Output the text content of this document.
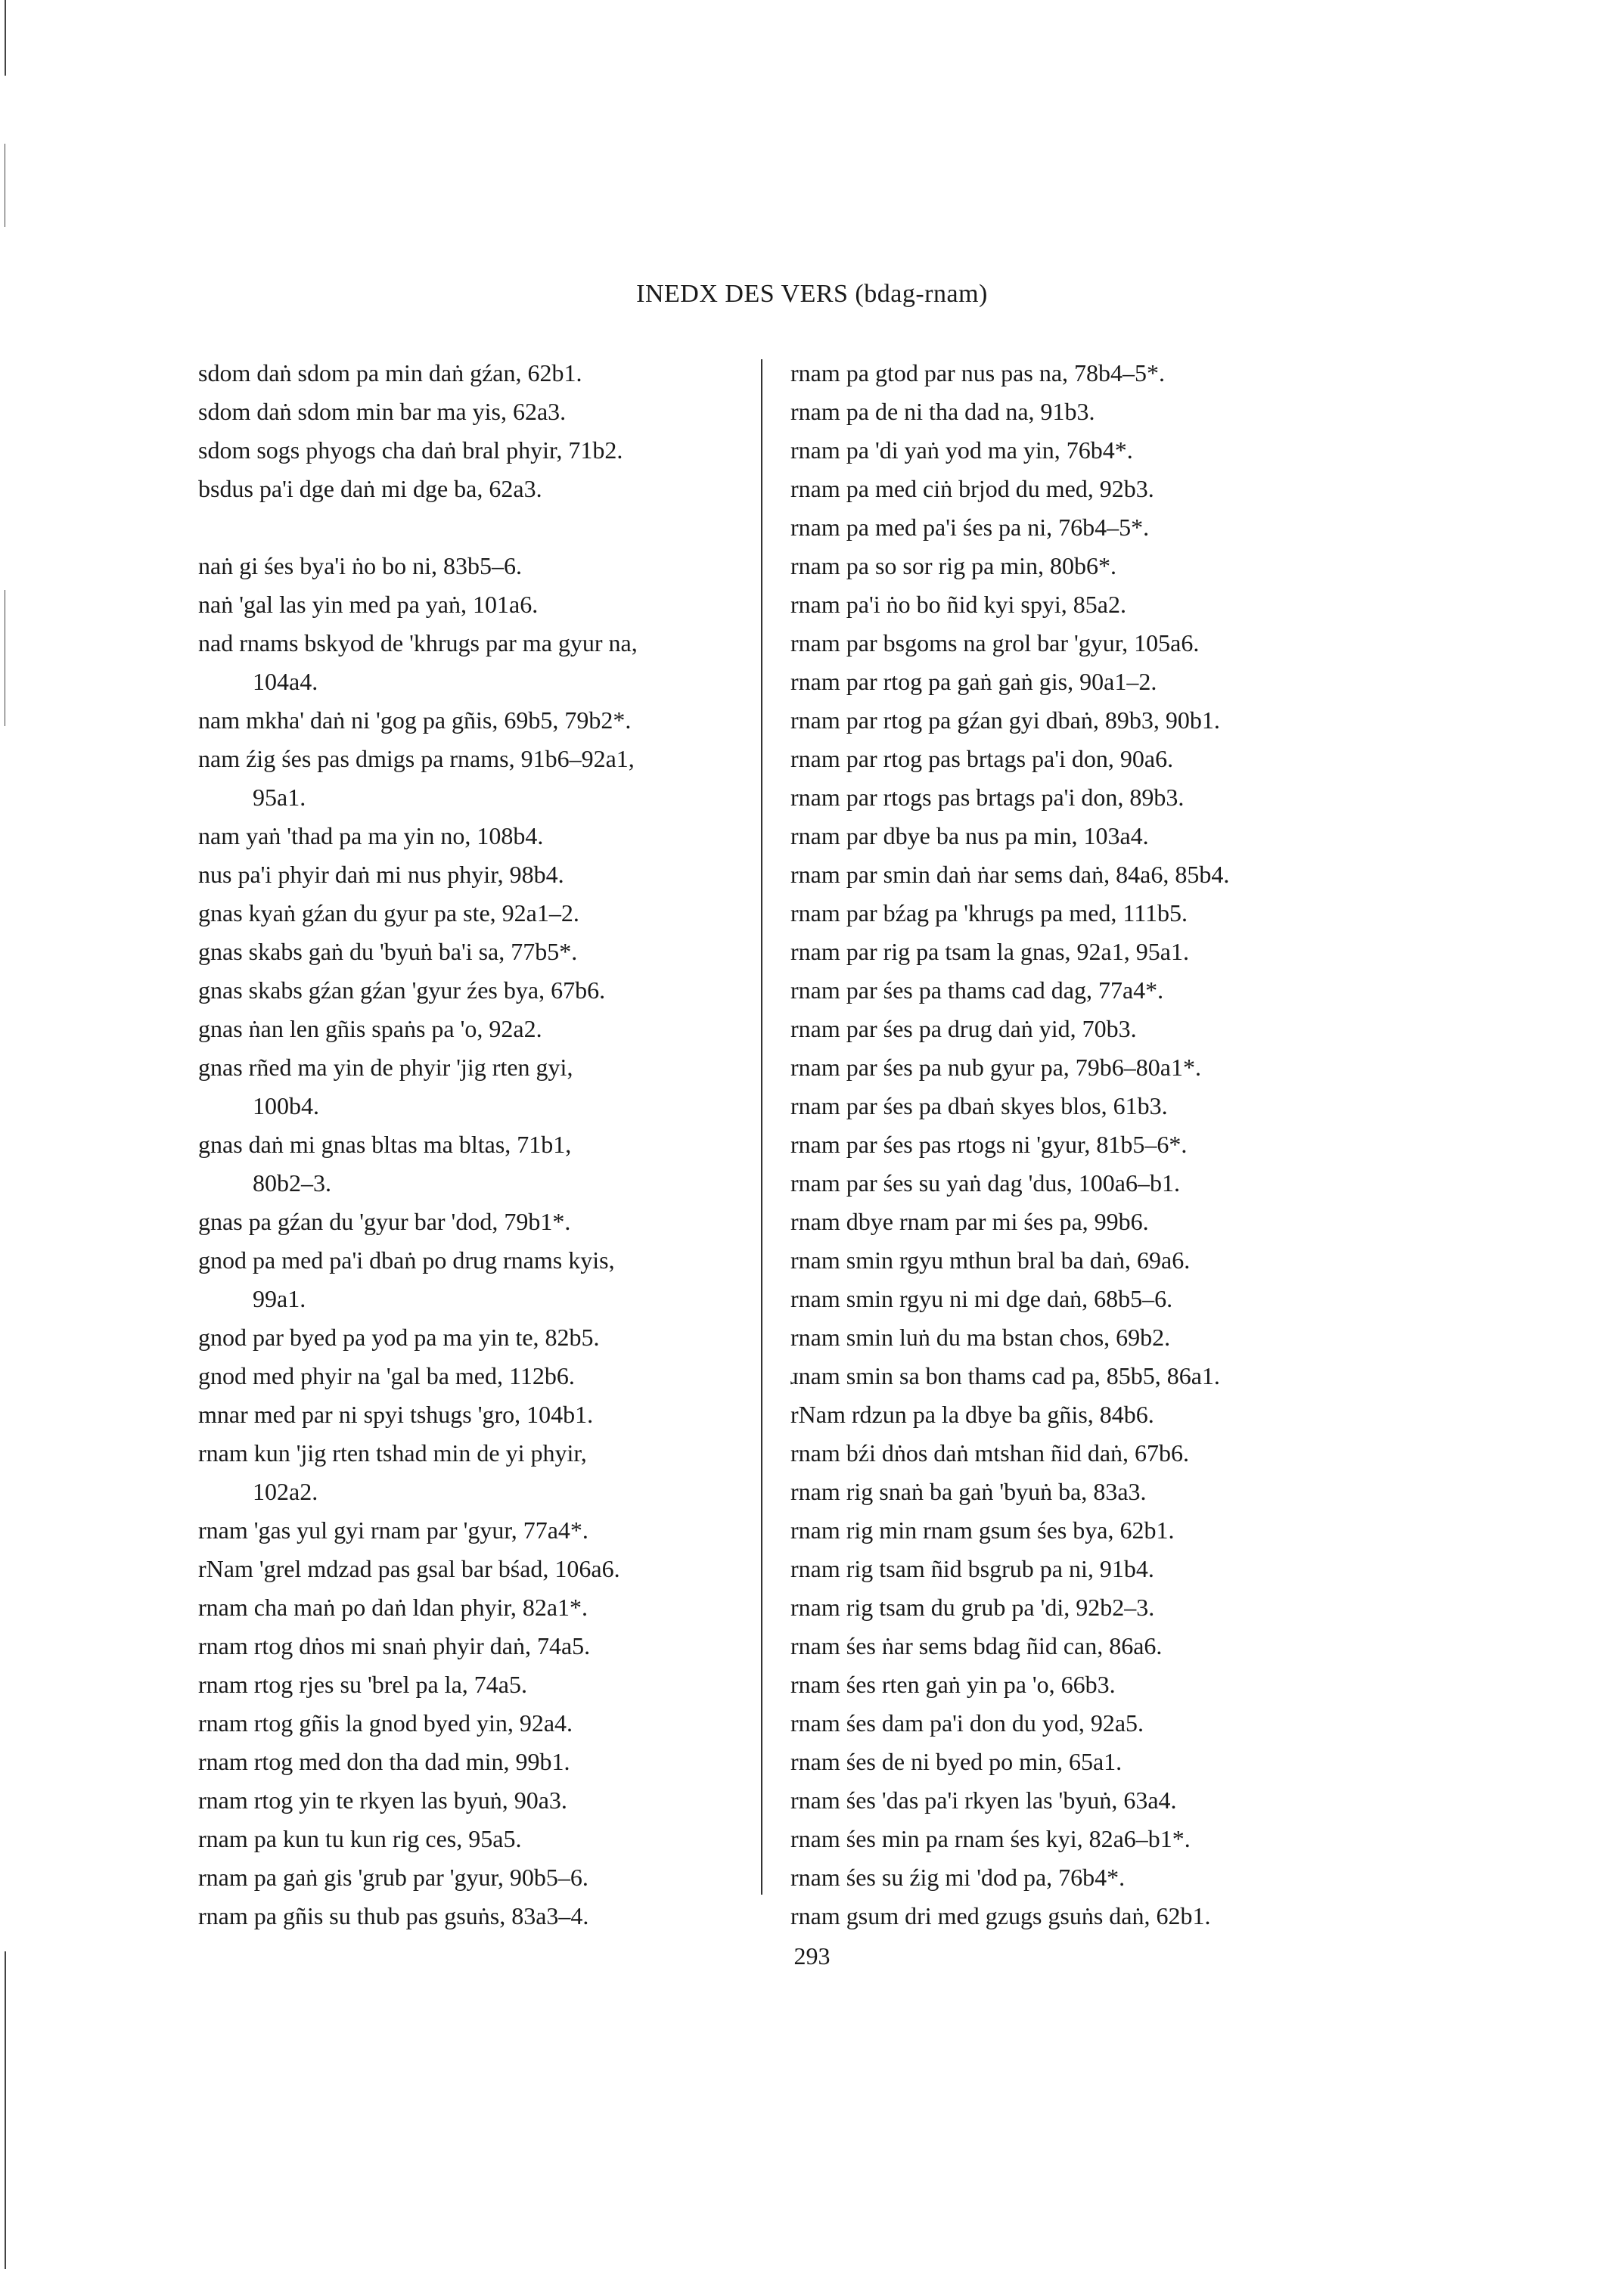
INEDX DES VERS (bdag-rnam)
sdom daṅ sdom pa min daṅ gźan, 62b1.
sdom daṅ sdom min bar ma yis, 62a3.
sdom sogs phyogs cha daṅ bral phyir, 71b2.
bsdus pa'i dge daṅ mi dge ba, 62a3.
naṅ gi śes bya'i ṅo bo ni, 83b5–6.
naṅ 'gal las yin med pa yaṅ, 101a6.
nad rnams bskyod de 'khrugs par ma gyur na,
104a4.
nam mkha' daṅ ni 'gog pa gñis, 69b5, 79b2*.
nam źig śes pas dmigs pa rnams, 91b6–92a1,
95a1.
nam yaṅ 'thad pa ma yin no, 108b4.
nus pa'i phyir daṅ mi nus phyir, 98b4.
gnas kyaṅ gźan du gyur pa ste, 92a1–2.
gnas skabs gaṅ du 'byuṅ ba'i sa, 77b5*.
gnas skabs gźan gźan 'gyur źes bya, 67b6.
gnas ṅan len gñis spaṅs pa 'o, 92a2.
gnas rñed ma yin de phyir 'jig rten gyi,
100b4.
gnas daṅ mi gnas bltas ma bltas, 71b1,
80b2–3.
gnas pa gźan du 'gyur bar 'dod, 79b1*.
gnod pa med pa'i dbaṅ po drug rnams kyis,
99a1.
gnod par byed pa yod pa ma yin te, 82b5.
gnod med phyir na 'gal ba med, 112b6.
mnar med par ni spyi tshugs 'gro, 104b1.
rnam kun 'jig rten tshad min de yi phyir,
102a2.
rnam 'gas yul gyi rnam par 'gyur, 77a4*.
rNam 'grel mdzad pas gsal bar bśad, 106a6.
rnam cha maṅ po daṅ ldan phyir, 82a1*.
rnam rtog dṅos mi snaṅ phyir daṅ, 74a5.
rnam rtog rjes su 'brel pa la, 74a5.
rnam rtog gñis la gnod byed yin, 92a4.
rnam rtog med don tha dad min, 99b1.
rnam rtog yin te rkyen las byuṅ, 90a3.
rnam pa kun tu kun rig ces, 95a5.
rnam pa gaṅ gis 'grub par 'gyur, 90b5–6.
rnam pa gñis su thub pas gsuṅs, 83a3–4.
rnam pa gtod par nus pas na, 78b4–5*.
rnam pa de ni tha dad na, 91b3.
rnam pa 'di yaṅ yod ma yin, 76b4*.
rnam pa med ciṅ brjod du med, 92b3.
rnam pa med pa'i śes pa ni, 76b4–5*.
rnam pa so sor rig pa min, 80b6*.
rnam pa'i ṅo bo ñid kyi spyi, 85a2.
rnam par bsgoms na grol bar 'gyur, 105a6.
rnam par rtog pa gaṅ gaṅ gis, 90a1–2.
rnam par rtog pa gźan gyi dbaṅ, 89b3, 90b1.
rnam par rtog pas brtags pa'i don, 90a6.
rnam par rtogs pas brtags pa'i don, 89b3.
rnam par dbye ba nus pa min, 103a4.
rnam par smin daṅ ṅar sems daṅ, 84a6, 85b4.
rnam par bźag pa 'khrugs pa med, 111b5.
rnam par rig pa tsam la gnas, 92a1, 95a1.
rnam par śes pa thams cad dag, 77a4*.
rnam par śes pa drug daṅ yid, 70b3.
rnam par śes pa nub gyur pa, 79b6–80a1*.
rnam par śes pa dbaṅ skyes blos, 61b3.
rnam par śes pas rtogs ni 'gyur, 81b5–6*.
rnam par śes su yaṅ dag 'dus, 100a6–b1.
rnam dbye rnam par mi śes pa, 99b6.
rnam smin rgyu mthun bral ba daṅ, 69a6.
rnam smin rgyu ni mi dge daṅ, 68b5–6.
rnam smin luṅ du ma bstan chos, 69b2.
ɹnam smin sa bon thams cad pa, 85b5, 86a1.
rNam rdzun pa la dbye ba gñis, 84b6.
rnam bźi dṅos daṅ mtshan ñid daṅ, 67b6.
rnam rig snaṅ ba gaṅ 'byuṅ ba, 83a3.
rnam rig min rnam gsum śes bya, 62b1.
rnam rig tsam ñid bsgrub pa ni, 91b4.
rnam rig tsam du grub pa 'di, 92b2–3.
rnam śes ṅar sems bdag ñid can, 86a6.
rnam śes rten gaṅ yin pa 'o, 66b3.
rnam śes dam pa'i don du yod, 92a5.
rnam śes de ni byed po min, 65a1.
rnam śes 'das pa'i rkyen las 'byuṅ, 63a4.
rnam śes min pa rnam śes kyi, 82a6–b1*.
rnam śes su źig mi 'dod pa, 76b4*.
rnam gsum dri med gzugs gsuṅs daṅ, 62b1.
293
